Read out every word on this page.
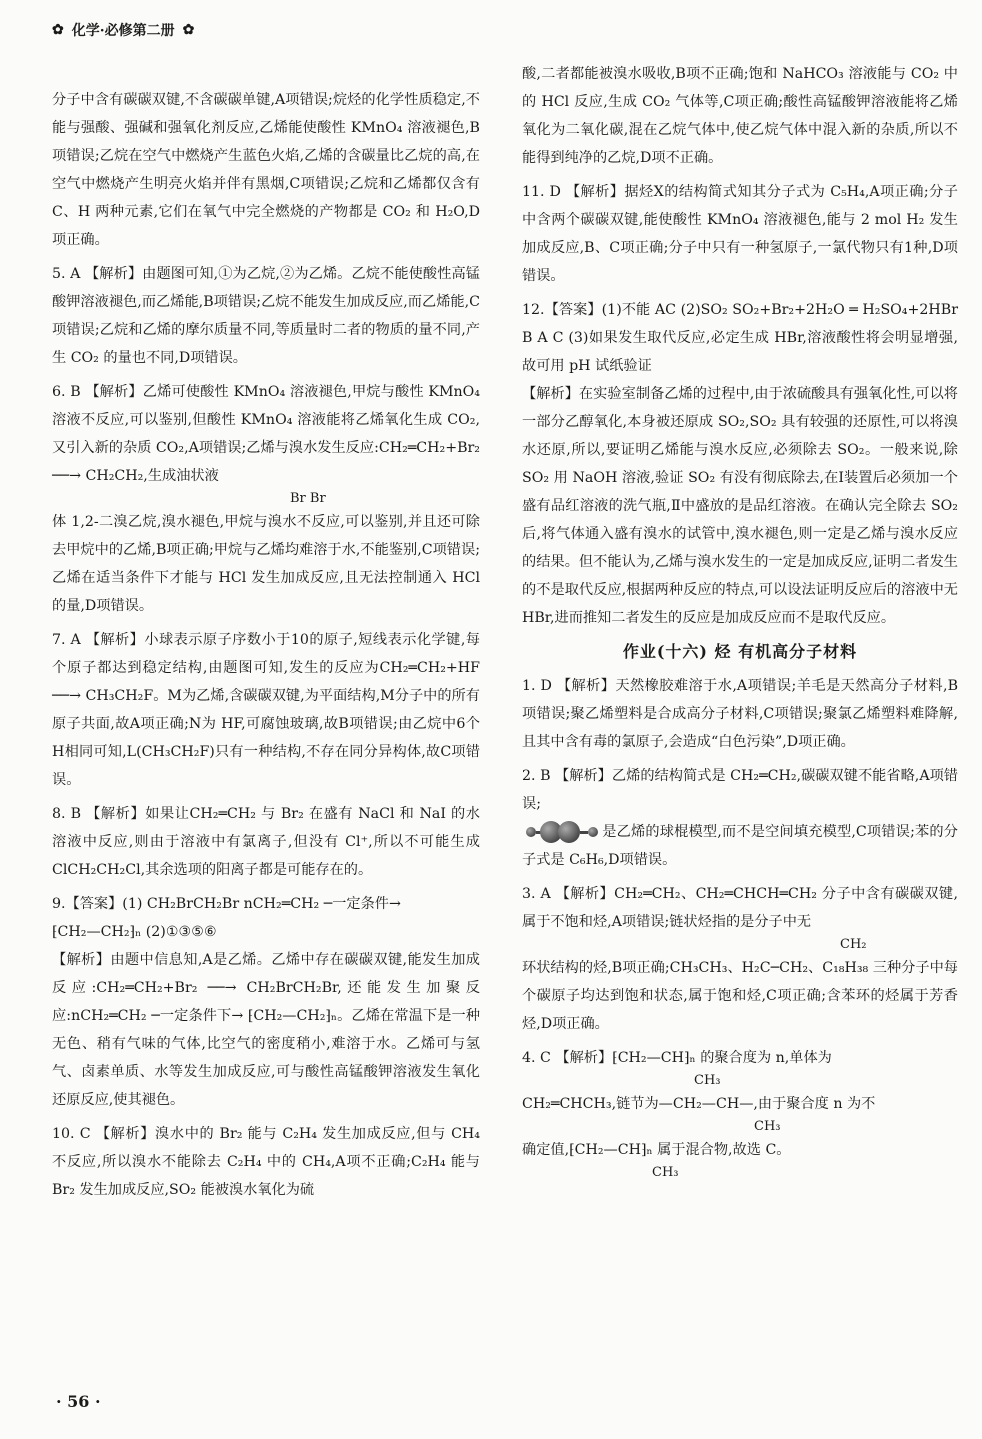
✿ 化学·必修第二册 ✿

分子中含有碳碳双键,不含碳碳单键,A项错误;烷烃的化学性质稳定,不能与强酸、强碱和强氧化剂反应,乙烯能使酸性 KMnO₄ 溶液褪色,B项错误;乙烷在空气中燃烧产生蓝色火焰,乙烯的含碳量比乙烷的高,在空气中燃烧产生明亮火焰并伴有黑烟,C项错误;乙烷和乙烯都仅含有 C、H 两种元素,它们在氧气中完全燃烧的产物都是 CO₂ 和 H₂O,D项正确。

5. A 【解析】由题图可知,①为乙烷,②为乙烯。乙烷不能使酸性高锰酸钾溶液褪色,而乙烯能,B项错误;乙烷不能发生加成反应,而乙烯能,C项错误;乙烷和乙烯的摩尔质量不同,等质量时二者的物质的量不同,产生 CO₂ 的量也不同,D项错误。

6. B 【解析】乙烯可使酸性 KMnO₄ 溶液褪色,甲烷与酸性 KMnO₄ 溶液不反应,可以鉴别,但酸性 KMnO₄ 溶液能将乙烯氧化生成 CO₂,又引入新的杂质 CO₂,A项错误;乙烯与溴水发生反应:CH₂═CH₂+Br₂ ──→ CH₂CH₂,生成油状液

Br Br

体 1,2-二溴乙烷,溴水褪色,甲烷与溴水不反应,可以鉴别,并且还可除去甲烷中的乙烯,B项正确;甲烷与乙烯均难溶于水,不能鉴别,C项错误;乙烯在适当条件下才能与 HCl 发生加成反应,且无法控制通入 HCl 的量,D项错误。

7. A 【解析】小球表示原子序数小于10的原子,短线表示化学键,每个原子都达到稳定结构,由题图可知,发生的反应为CH₂═CH₂+HF ──→ CH₃CH₂F。M为乙烯,含碳碳双键,为平面结构,M分子中的所有原子共面,故A项正确;N为 HF,可腐蚀玻璃,故B项错误;由乙烷中6个H相同可知,L(CH₃CH₂F)只有一种结构,不存在同分异构体,故C项错误。

8. B 【解析】如果让CH₂═CH₂ 与 Br₂ 在盛有 NaCl 和 NaI 的水溶液中反应,则由于溶液中有氯离子,但没有 Cl⁺,所以不可能生成ClCH₂CH₂Cl,其余选项的阳离子都是可能存在的。

9.【答案】(1) CH₂BrCH₂Br nCH₂═CH₂ ─一定条件→

⁅CH₂—CH₂⁆ₙ (2)①③⑤⑥

【解析】由题中信息知,A是乙烯。乙烯中存在碳碳双键,能发生加成反应:CH₂═CH₂+Br₂ ──→ CH₂BrCH₂Br,还能发生加聚反应:nCH₂═CH₂ ─一定条件下→ ⁅CH₂—CH₂⁆ₙ。乙烯在常温下是一种无色、稍有气味的气体,比空气的密度稍小,难溶于水。乙烯可与氢气、卤素单质、水等发生加成反应,可与酸性高锰酸钾溶液发生氧化还原反应,使其褪色。

10. C 【解析】溴水中的 Br₂ 能与 C₂H₄ 发生加成反应,但与 CH₄ 不反应,所以溴水不能除去 C₂H₄ 中的 CH₄,A项不正确;C₂H₄ 能与 Br₂ 发生加成反应,SO₂ 能被溴水氧化为硫

酸,二者都能被溴水吸收,B项不正确;饱和 NaHCO₃ 溶液能与 CO₂ 中的 HCl 反应,生成 CO₂ 气体等,C项正确;酸性高锰酸钾溶液能将乙烯氧化为二氧化碳,混在乙烷气体中,使乙烷气体中混入新的杂质,所以不能得到纯净的乙烷,D项不正确。

11. D 【解析】据烃X的结构简式知其分子式为 C₅H₄,A项正确;分子中含两个碳碳双键,能使酸性 KMnO₄ 溶液褪色,能与 2 mol H₂ 发生加成反应,B、C项正确;分子中只有一种氢原子,一氯代物只有1种,D项错误。

12.【答案】(1)不能 AC (2)SO₂ SO₂+Br₂+2H₂O ═ H₂SO₄+2HBr B A C (3)如果发生取代反应,必定生成 HBr,溶液酸性将会明显增强,故可用 pH 试纸验证

【解析】在实验室制备乙烯的过程中,由于浓硫酸具有强氧化性,可以将一部分乙醇氧化,本身被还原成 SO₂,SO₂ 具有较强的还原性,可以将溴水还原,所以,要证明乙烯能与溴水反应,必须除去 SO₂。一般来说,除 SO₂ 用 NaOH 溶液,验证 SO₂ 有没有彻底除去,在Ⅰ装置后必须加一个盛有品红溶液的洗气瓶,Ⅱ中盛放的是品红溶液。在确认完全除去 SO₂ 后,将气体通入盛有溴水的试管中,溴水褪色,则一定是乙烯与溴水反应的结果。但不能认为,乙烯与溴水发生的一定是加成反应,证明二者发生的不是取代反应,根据两种反应的特点,可以设法证明反应后的溶液中无 HBr,进而推知二者发生的反应是加成反应而不是取代反应。

作业(十六) 烃 有机高分子材料

1. D 【解析】天然橡胶难溶于水,A项错误;羊毛是天然高分子材料,B项错误;聚乙烯塑料是合成高分子材料,C项错误;聚氯乙烯塑料难降解,且其中含有毒的氯原子,会造成“白色污染”,D项正确。

2. B 【解析】乙烯的结构简式是 CH₂═CH₂,碳碳双键不能省略,A项错误;

是乙烯的球棍模型,而不是空间填充模型,C项错误;苯的分子式是 C₆H₆,D项错误。

3. A 【解析】CH₂═CH₂、CH₂═CHCH═CH₂ 分子中含有碳碳双键,属于不饱和烃,A项错误;链状烃指的是分子中无

CH₂

环状结构的烃,B项正确;CH₃CH₃、H₂C─CH₂、C₁₈H₃₈ 三种分子中每个碳原子均达到饱和状态,属于饱和烃,C项正确;含苯环的烃属于芳香烃,D项正确。

4. C 【解析】⁅CH₂—CH⁆ₙ 的聚合度为 n,单体为

CH₃

CH₂═CHCH₃,链节为—CH₂—CH—,由于聚合度 n 为不

CH₃

确定值,⁅CH₂—CH⁆ₙ 属于混合物,故选 C。

CH₃

· 56 ·
